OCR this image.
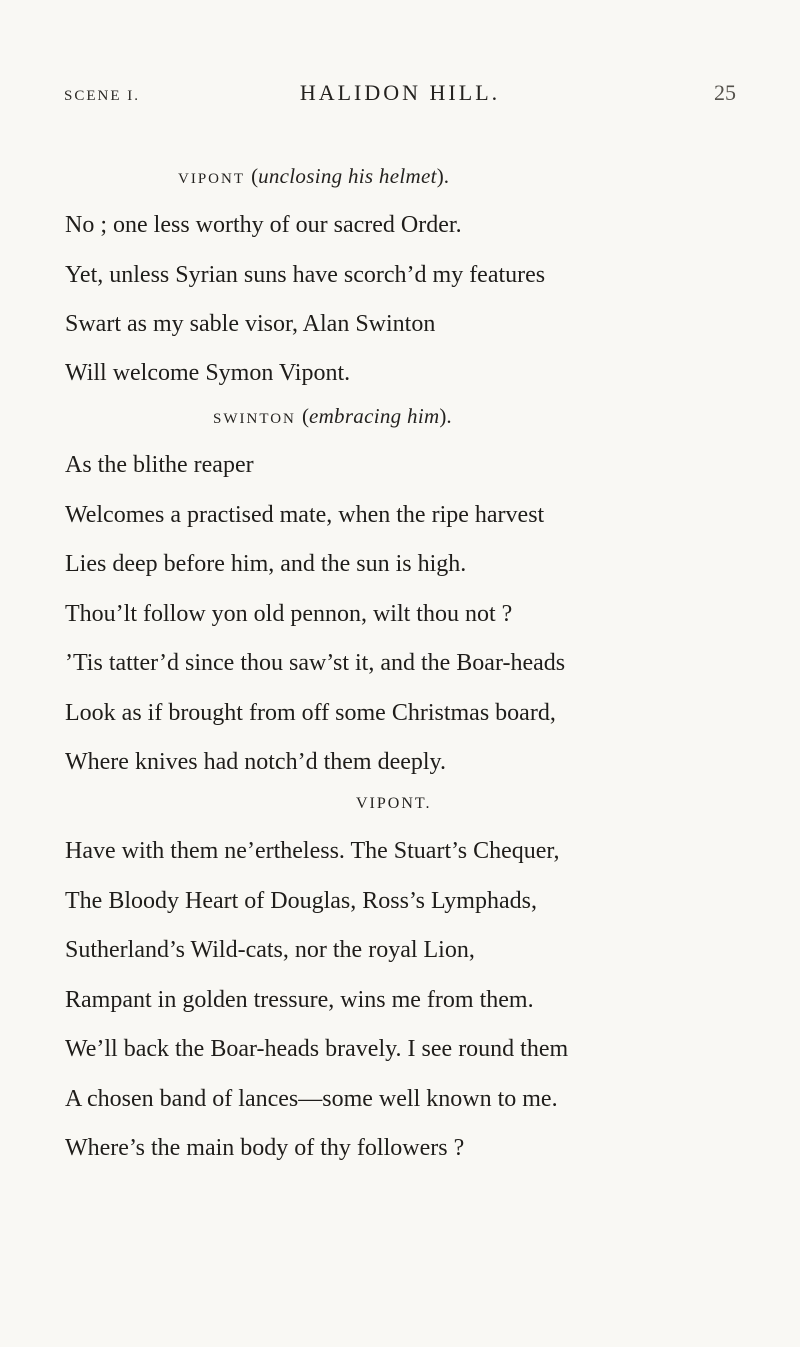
SCENE I.	HALIDON HILL.	25
vipont (unclosing his helmet).
No ; one less worthy of our sacred Order.
Yet, unless Syrian suns have scorch’d my features
Swart as my sable visor, Alan Swinton
Will welcome Symon Vipont.
swinton (embracing him).
As the blithe reaper
Welcomes a practised mate, when the ripe harvest
Lies deep before him, and the sun is high.
Thou’lt follow yon old pennon, wilt thou not ?
’Tis tatter’d since thou saw’st it, and the Boar-heads
Look as if brought from off some Christmas board,
Where knives had notch’d them deeply.
VIPONT.
Have with them ne’ertheless. The Stuart’s Chequer,
The Bloody Heart of Douglas, Ross’s Lymphads,
Sutherland’s Wild-cats, nor the royal Lion,
Rampant in golden tressure, wins me from them.
We’ll back the Boar-heads bravely. I see round them
A chosen band of lances—some well known to me.
Where’s the main body of thy followers ?
